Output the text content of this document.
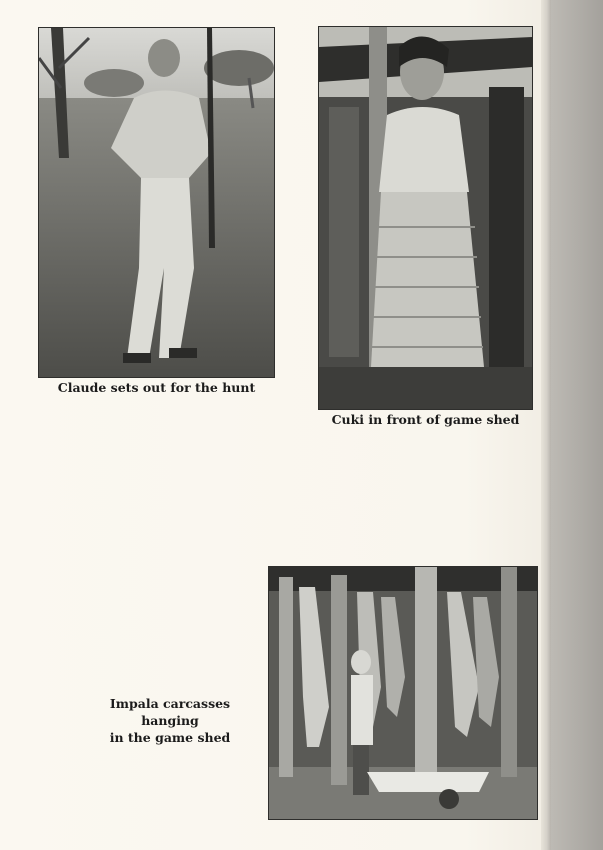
Claude sets out for the hunt
Cuki in front of game shed
Impala carcasses hanging
in the game shed
